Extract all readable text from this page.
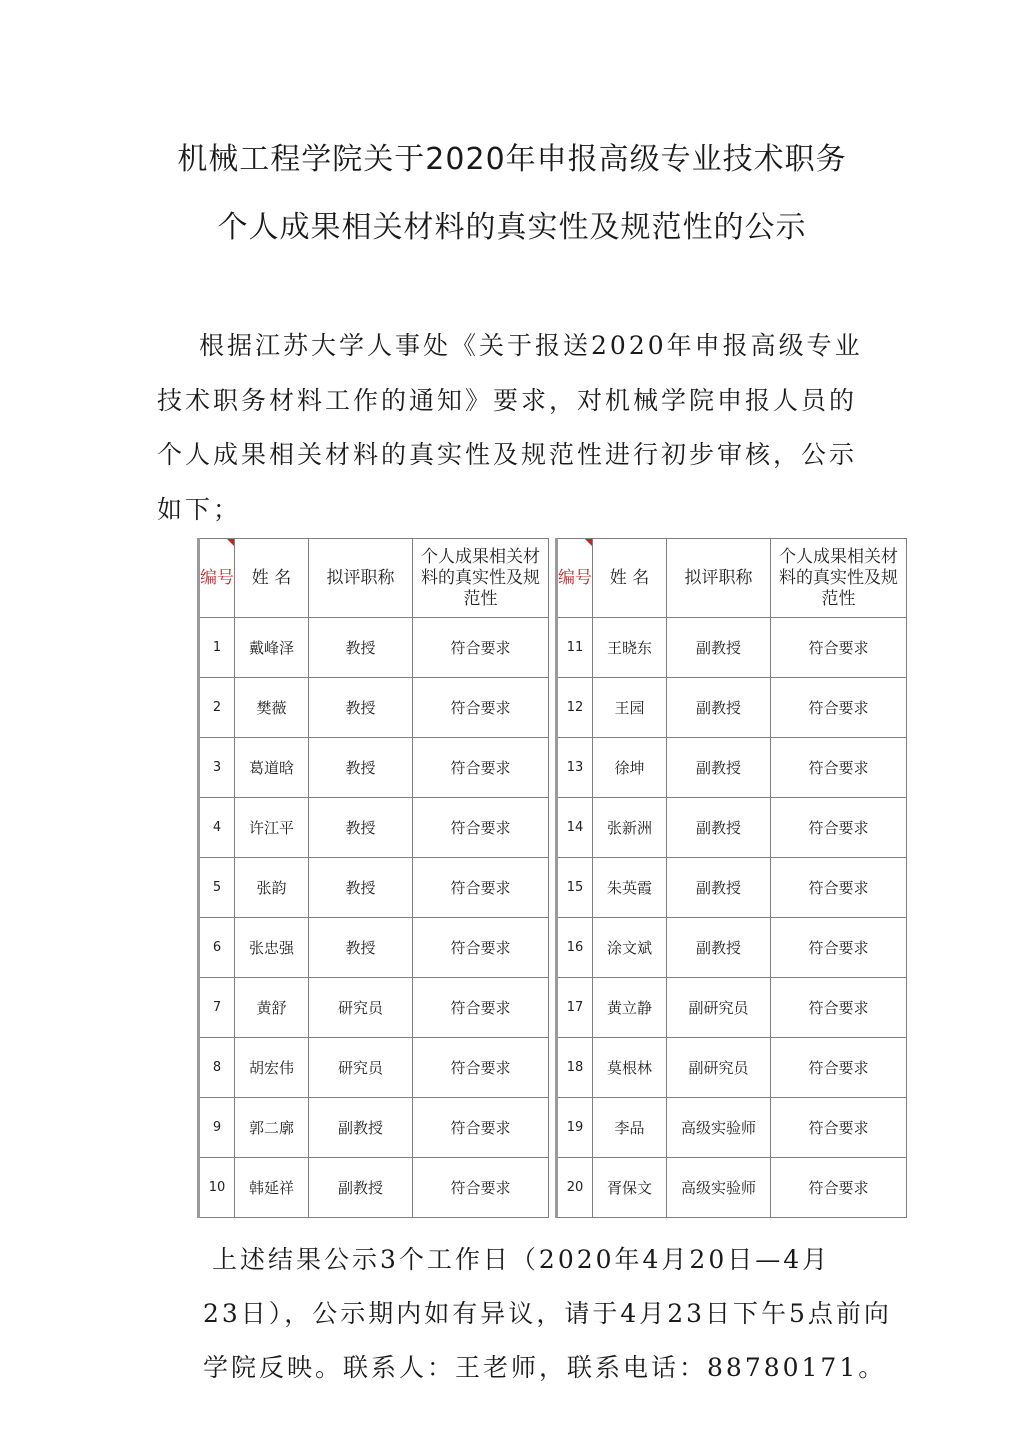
机械工程学院关于2020年申报高级专业技术职务
个人成果相关材料的真实性及规范性的公示
根据江苏大学人事处《关于报送2020年申报高级专业
技术职务材料工作的通知》要求，对机械学院申报人员的
个人成果相关材料的真实性及规范性进行初步审核，公示
如下；
编号	姓 名	拟评职称	个人成果相关材料的真实性及规范性
1	戴峰泽	教授	符合要求
2	樊薇	教授	符合要求
3	葛道晗	教授	符合要求
4	许江平	教授	符合要求
5	张韵	教授	符合要求
6	张忠强	教授	符合要求
7	黄舒	研究员	符合要求
8	胡宏伟	研究员	符合要求
9	郭二廓	副教授	符合要求
10	韩延祥	副教授	符合要求
编号	姓 名	拟评职称	个人成果相关材料的真实性及规范性
11	王晓东	副教授	符合要求
12	王园	副教授	符合要求
13	徐坤	副教授	符合要求
14	张新洲	副教授	符合要求
15	朱英霞	副教授	符合要求
16	涂文斌	副教授	符合要求
17	黄立静	副研究员	符合要求
18	莫根林	副研究员	符合要求
19	李品	高级实验师	符合要求
20	胥保文	高级实验师	符合要求
上述结果公示3个工作日（2020年4月20日—4月
23日），公示期内如有异议，请于4月23日下午5点前向
学院反映。联系人：王老师，联系电话：88780171。
